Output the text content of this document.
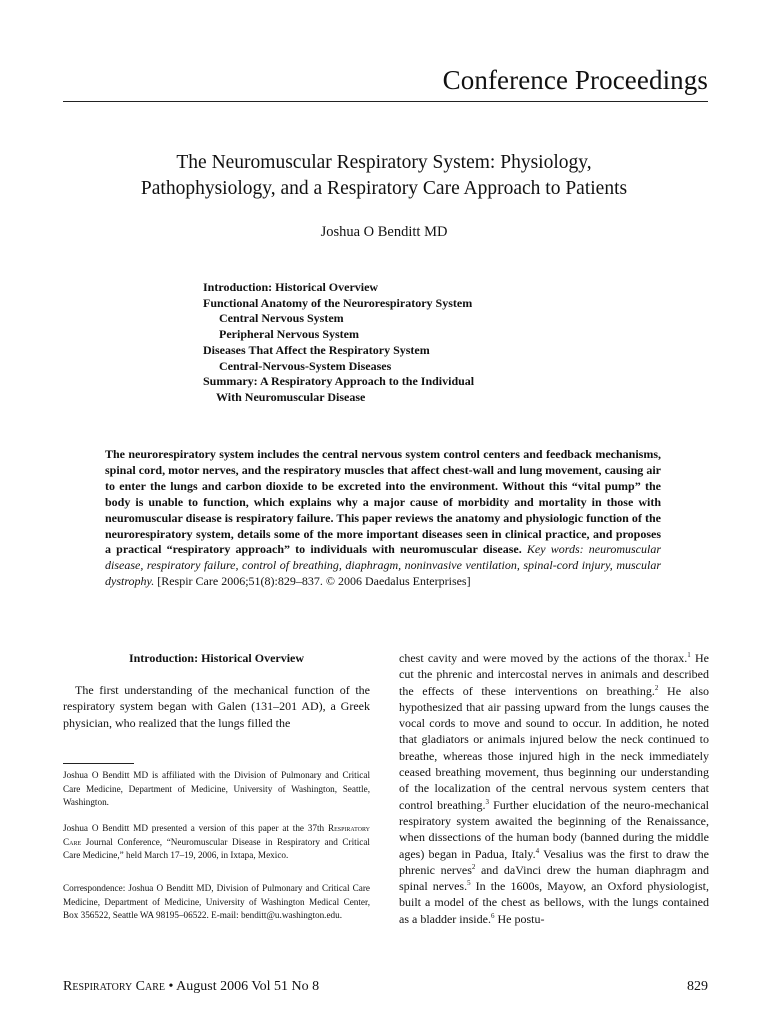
Conference Proceedings
The Neuromuscular Respiratory System: Physiology,
Pathophysiology, and a Respiratory Care Approach to Patients
Joshua O Benditt MD
Introduction: Historical Overview
Functional Anatomy of the Neurorespiratory System
Central Nervous System
Peripheral Nervous System
Diseases That Affect the Respiratory System
Central-Nervous-System Diseases
Summary: A Respiratory Approach to the Individual
With Neuromuscular Disease
The neurorespiratory system includes the central nervous system control centers and feedback mechanisms, spinal cord, motor nerves, and the respiratory muscles that affect chest-wall and lung movement, causing air to enter the lungs and carbon dioxide to be excreted into the environment. Without this “vital pump” the body is unable to function, which explains why a major cause of morbidity and mortality in those with neuromuscular disease is respiratory failure. This paper reviews the anatomy and physiologic function of the neurorespiratory system, details some of the more important diseases seen in clinical practice, and proposes a practical “respiratory approach” to individuals with neuromuscular disease. Key words: neuromuscular disease, respiratory failure, control of breathing, diaphragm, noninvasive ventilation, spinal-cord injury, muscular dystrophy. [Respir Care 2006;51(8):829–837. © 2006 Daedalus Enterprises]
Introduction: Historical Overview
The first understanding of the mechanical function of the respiratory system began with Galen (131–201 AD), a Greek physician, who realized that the lungs filled the
Joshua O Benditt MD is affiliated with the Division of Pulmonary and Critical Care Medicine, Department of Medicine, University of Washington, Seattle, Washington.
Joshua O Benditt MD presented a version of this paper at the 37th Respiratory Care Journal Conference, “Neuromuscular Disease in Respiratory and Critical Care Medicine,” held March 17–19, 2006, in Ixtapa, Mexico.
Correspondence: Joshua O Benditt MD, Division of Pulmonary and Critical Care Medicine, Department of Medicine, University of Washington Medical Center, Box 356522, Seattle WA 98195–06522. E-mail: benditt@u.washington.edu.
chest cavity and were moved by the actions of the thorax.$^1$ He cut the phrenic and intercostal nerves in animals and described the effects of these interventions on breathing.$^2$ He also hypothesized that air passing upward from the lungs causes the vocal cords to move and sound to occur. In addition, he noted that gladiators or animals injured below the neck continued to breathe, whereas those injured high in the neck immediately ceased breathing movement, thus beginning our understanding of the localization of the central nervous system centers that control breathing.$^3$ Further elucidation of the neuro-mechanical respiratory system awaited the beginning of the Renaissance, when dissections of the human body (banned during the middle ages) began in Padua, Italy.$^4$ Vesalius was the first to draw the phrenic nerves$^2$ and daVinci drew the human diaphragm and spinal nerves.$^5$ In the 1600s, Mayow, an Oxford physiologist, built a model of the chest as bellows, with the lungs contained as a bladder inside.$^6$ He postu-
Respiratory Care • August 2006 Vol 51 No 8	829
